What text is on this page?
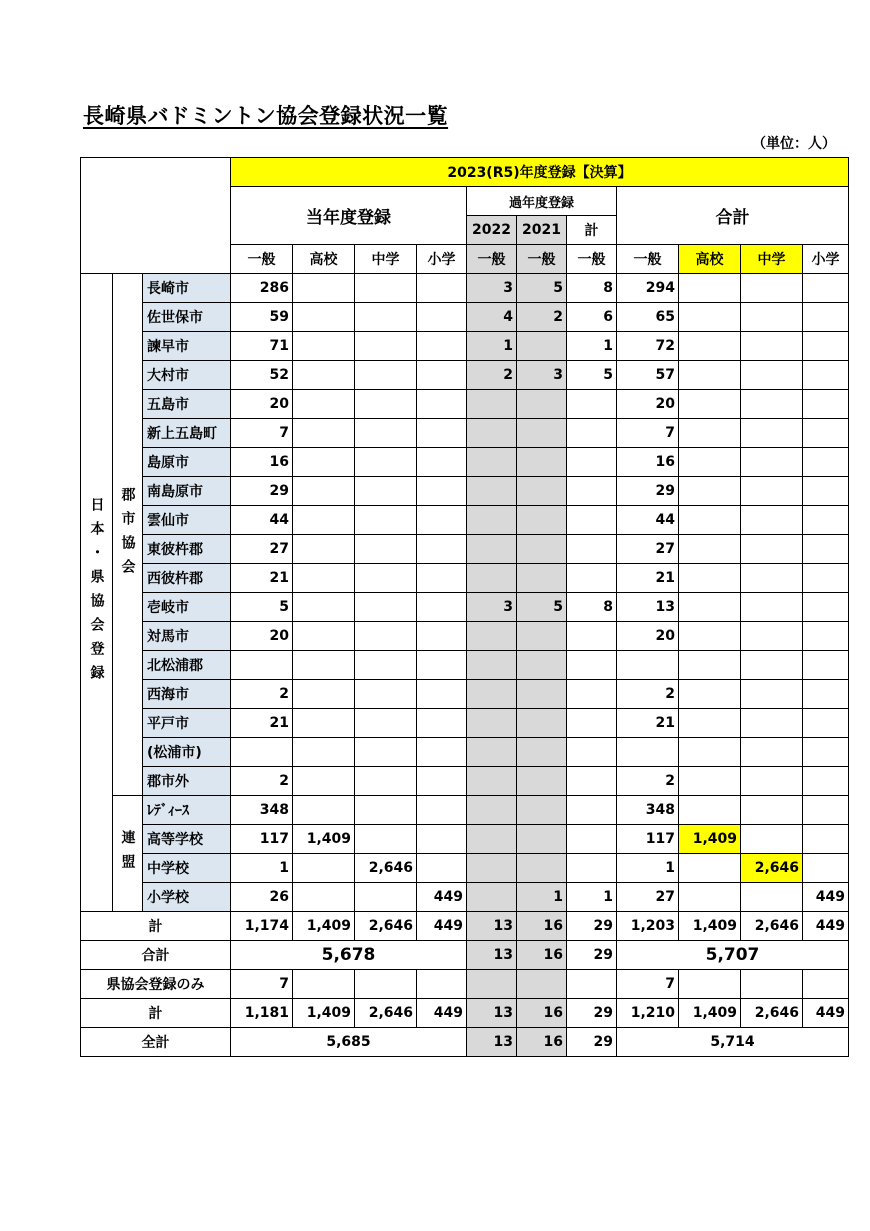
長崎県バドミントン協会登録状況一覧
（単位：人）
			2023(R5)年度登録【決算】										
			当年度登録				過年度登録			合計			
							2022	2021	計				
			一般	高校	中学	小学	一般	一般	一般	一般	高校	中学	小学
日本・県協会登録	郡市協会	長崎市	286				3	5	8	294			
		佐世保市	59				4	2	6	65			
		諫早市	71				1		1	72			
		大村市	52				2	3	5	57			
		五島市	20							20			
		新上五島町	7							7			
		島原市	16							16			
		南島原市	29							29			
		雲仙市	44							44			
		東彼杵郡	27							27			
		西彼杵郡	21							21			
		壱岐市	5				3	5	8	13			
		対馬市	20							20			
		北松浦郡											
		西海市	2							2			
		平戸市	21							21			
		(松浦市)											
		郡市外	2							2			
	連盟	ﾚﾃﾞｨｰｽ	348							348			
		高等学校	117	1,409						117	1,409		
		中学校	1		2,646					1		2,646	
		小学校	26			449		1	1	27			449
計			1,174	1,409	2,646	449	13	16	29	1,203	1,409	2,646	449
合計			5,678				13	16	29	5,707			
県協会登録のみ			7							7			
計			1,181	1,409	2,646	449	13	16	29	1,210	1,409	2,646	449
全計			5,685				13	16	29	5,714			
